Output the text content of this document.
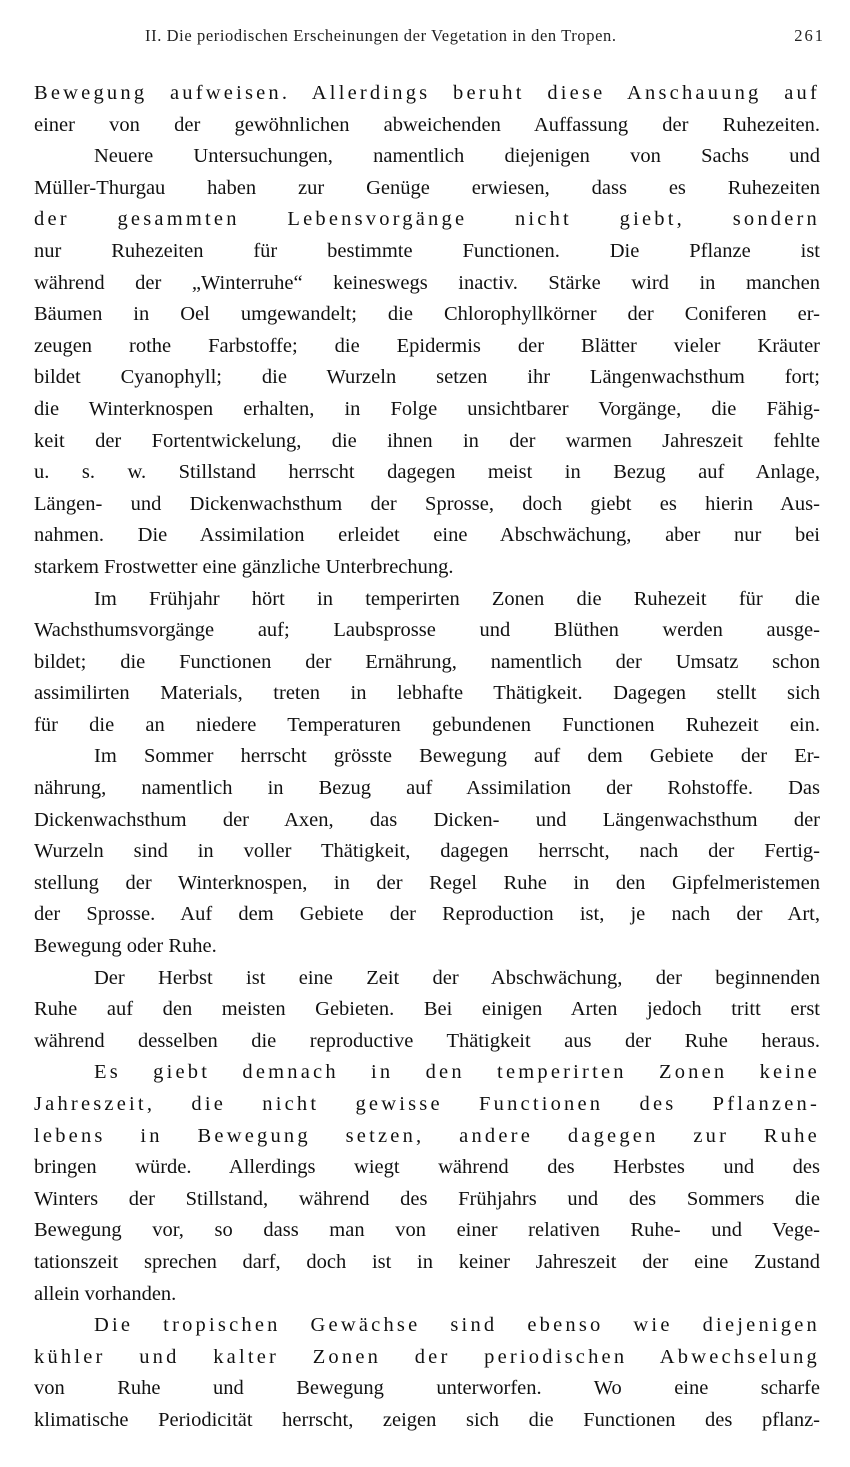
II. Die periodischen Erscheinungen der Vegetation in den Tropen.	261
Bewegung aufweisen. Allerdings beruht diese Anschauung auf
einer von der gewöhnlichen abweichenden Auffassung der Ruhezeiten.
Neuere Untersuchungen, namentlich diejenigen von Sachs und
Müller-Thurgau haben zur Genüge erwiesen, dass es Ruhezeiten
der gesammten Lebensvorgänge nicht giebt, sondern
nur Ruhezeiten für bestimmte Functionen. Die Pflanze ist
während der „Winterruhe“ keineswegs inactiv. Stärke wird in manchen
Bäumen in Oel umgewandelt; die Chlorophyllkörner der Coniferen er-
zeugen rothe Farbstoffe; die Epidermis der Blätter vieler Kräuter
bildet Cyanophyll; die Wurzeln setzen ihr Längenwachsthum fort;
die Winterknospen erhalten, in Folge unsichtbarer Vorgänge, die Fähig-
keit der Fortentwickelung, die ihnen in der warmen Jahreszeit fehlte
u. s. w. Stillstand herrscht dagegen meist in Bezug auf Anlage,
Längen- und Dickenwachsthum der Sprosse, doch giebt es hierin Aus-
nahmen. Die Assimilation erleidet eine Abschwächung, aber nur bei
starkem Frostwetter eine gänzliche Unterbrechung.
Im Frühjahr hört in temperirten Zonen die Ruhezeit für die
Wachsthumsvorgänge auf; Laubsprosse und Blüthen werden ausge-
bildet; die Functionen der Ernährung, namentlich der Umsatz schon
assimilirten Materials, treten in lebhafte Thätigkeit. Dagegen stellt sich
für die an niedere Temperaturen gebundenen Functionen Ruhezeit ein.
Im Sommer herrscht grösste Bewegung auf dem Gebiete der Er-
nährung, namentlich in Bezug auf Assimilation der Rohstoffe. Das
Dickenwachsthum der Axen, das Dicken- und Längenwachsthum der
Wurzeln sind in voller Thätigkeit, dagegen herrscht, nach der Fertig-
stellung der Winterknospen, in der Regel Ruhe in den Gipfelmeristemen
der Sprosse. Auf dem Gebiete der Reproduction ist, je nach der Art,
Bewegung oder Ruhe.
Der Herbst ist eine Zeit der Abschwächung, der beginnenden
Ruhe auf den meisten Gebieten. Bei einigen Arten jedoch tritt erst
während desselben die reproductive Thätigkeit aus der Ruhe heraus.
Es giebt demnach in den temperirten Zonen keine
Jahreszeit, die nicht gewisse Functionen des Pflanzen-
lebens in Bewegung setzen, andere dagegen zur Ruhe
bringen würde. Allerdings wiegt während des Herbstes und des
Winters der Stillstand, während des Frühjahrs und des Sommers die
Bewegung vor, so dass man von einer relativen Ruhe- und Vege-
tationszeit sprechen darf, doch ist in keiner Jahreszeit der eine Zustand
allein vorhanden.
Die tropischen Gewächse sind ebenso wie diejenigen
kühler und kalter Zonen der periodischen Abwechselung
von Ruhe und Bewegung unterworfen. Wo eine scharfe
klimatische Periodicität herrscht, zeigen sich die Functionen des pflanz-
